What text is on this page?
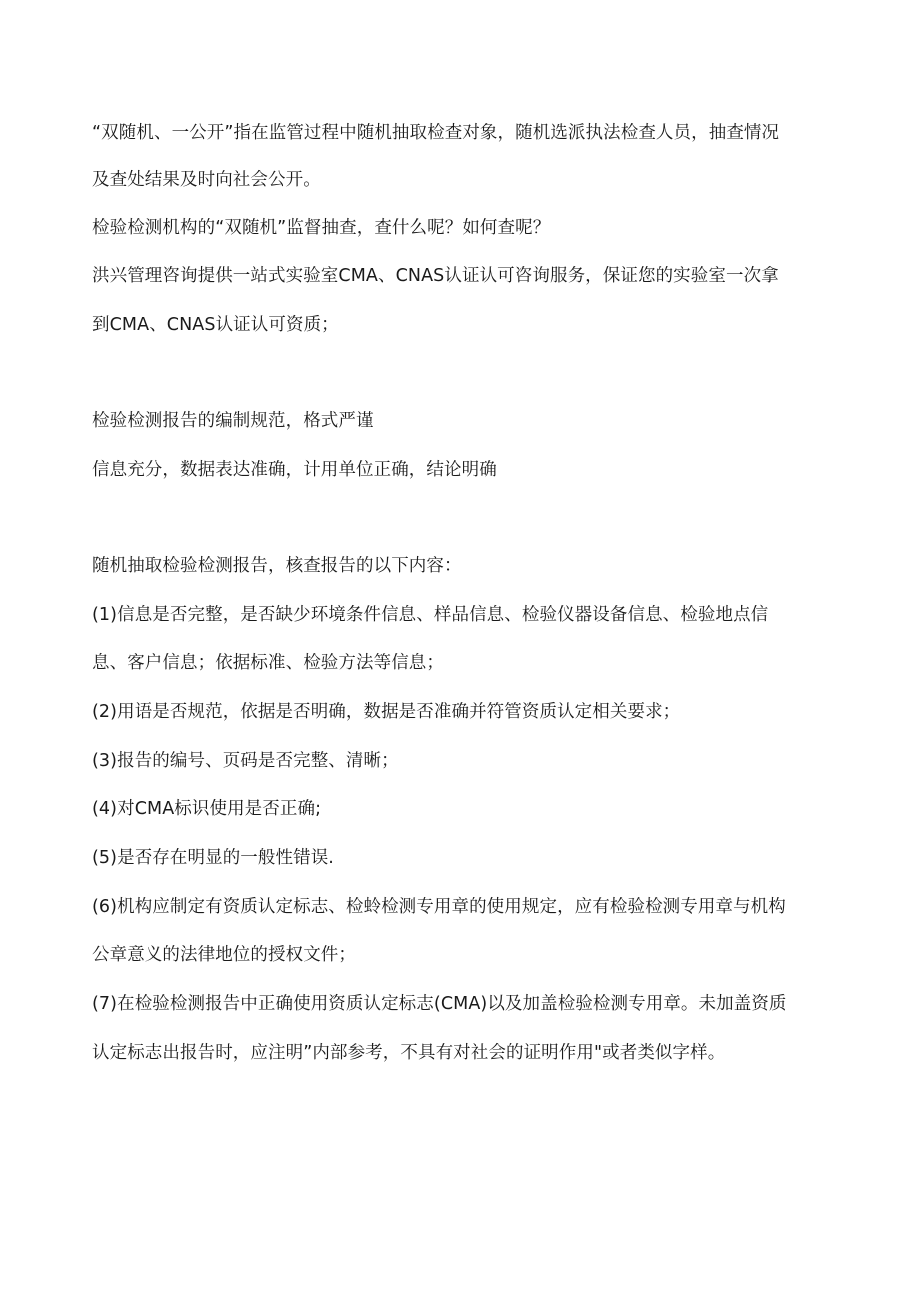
“双随机、一公开”指在监管过程中随机抽取检查对象，随机选派执法检查人员，抽查情况
及查处结果及时向社会公开。
检验检测机构的“双随机”监督抽查，查什么呢？如何查呢？
洪兴管理咨询提供一站式实验室CMA、CNAS认证认可咨询服务，保证您的实验室一次拿
到CMA、CNAS认证认可资质；
检验检测报告的编制规范，格式严谨
信息充分，数据表达准确，计用单位正确，结论明确
随机抽取检验检测报告，核查报告的以下内容：
(1)信息是否完整，是否缺少环境条件信息、样品信息、检验仪器设备信息、检验地点信
息、客户信息；依据标准、检验方法等信息；
(2)用语是否规范，依据是否明确，数据是否准确并符管资质认定相关要求；
(3)报告的编号、页码是否完整、清晰；
(4)对CMA标识使用是否正确;
(5)是否存在明显的一般性错误.
(6)机构应制定有资质认定标志、检蛉检测专用章的使用规定，应有检验检测专用章与机构
公章意义的法律地位的授权文件；
(7)在检验检测报告中正确使用资质认定标志(CMA)以及加盖检验检测专用章。未加盖资质
认定标志出报告时，应注明”内部参考，不具有对社会的证明作用"或者类似字样。
